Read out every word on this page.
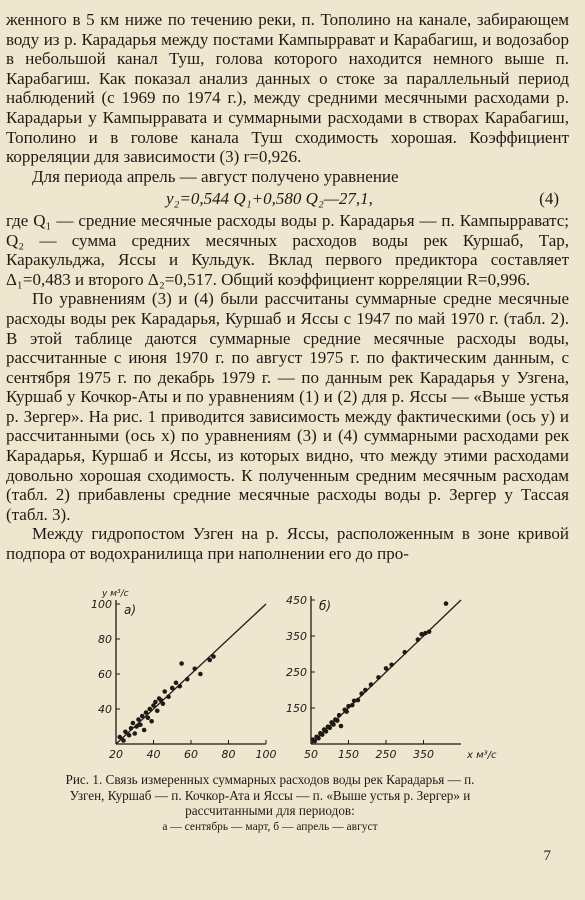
женного в 5 км ниже по течению реки, п. Тополино на канале, забирающем воду из р. Карадарья между постами Кампыррават и Карабагиш, и водозабор в небольшой канал Туш, голова которого находится немного выше п. Карабагиш. Как показал анализ данных о стоке за параллельный период наблюдений (с 1969 по 1974 г.), между средними месячными расходами р. Карадарьи у Кампырравата и суммарными расходами в створах Карабагиш, Тополино и в голове канала Туш сходимость хорошая. Коэффициент корреляции для зависимости (3) r=0,926.

Для периода апрель — август получено уравнение

y₂=0,544 Q₁+0,580 Q₂—27,1,	(4)

где Q₁ — средние месячные расходы воды р. Карадарья — п. Кампырраватс; Q₂ — сумма средних месячных расходов воды рек Куршаб, Тар, Каракульджа, Яссы и Кульдук. Вклад первого предиктора составляет Δ₁=0,483 и второго Δ₂=0,517. Общий коэффициент корреляции R=0,996.

По уравнениям (3) и (4) были рассчитаны суммарные средне месячные расходы воды рек Карадарья, Куршаб и Яссы с 1947 по май 1970 г. (табл. 2). В этой таблице даются суммарные средние месячные расходы воды, рассчитанные с июня 1970 г. по август 1975 г. по фактическим данным, с сентября 1975 г. по декабрь 1979 г. — по данным рек Карадарья у Узгена, Куршаб у Кочкор-Аты и по уравнениям (1) и (2) для р. Яссы — «Выше устья р. Зергер». На рис. 1 приводится зависимость между фактическими (ось y) и рассчитанными (ось x) по уравнениям (3) и (4) суммарными расходами рек Карадарья, Куршаб и Яссы, из которых видно, что между этими расходами довольно хорошая сходимость. К полученным средним месячным расходам (табл. 2) прибавлены средние месячные расходы воды р. Зергер у Тассая (табл. 3).

Между гидропостом Узген на р. Яссы, расположенным в зоне кривой подпора от водохранилища при наполнении его до про-

20 40 60 80 100
40
60
80
100 а)
y м³/с
50 150 250 350
150
250
350
450 б)
x м³/с
Рис. 1. Связь измеренных суммарных расходов воды рек Карадарья — п. Узген, Куршаб — п. Кочкор-Ата и Яссы — п. «Выше устья р. Зергер» и рассчитанными для периодов:
а — сентябрь — март, б — апрель — август
7
